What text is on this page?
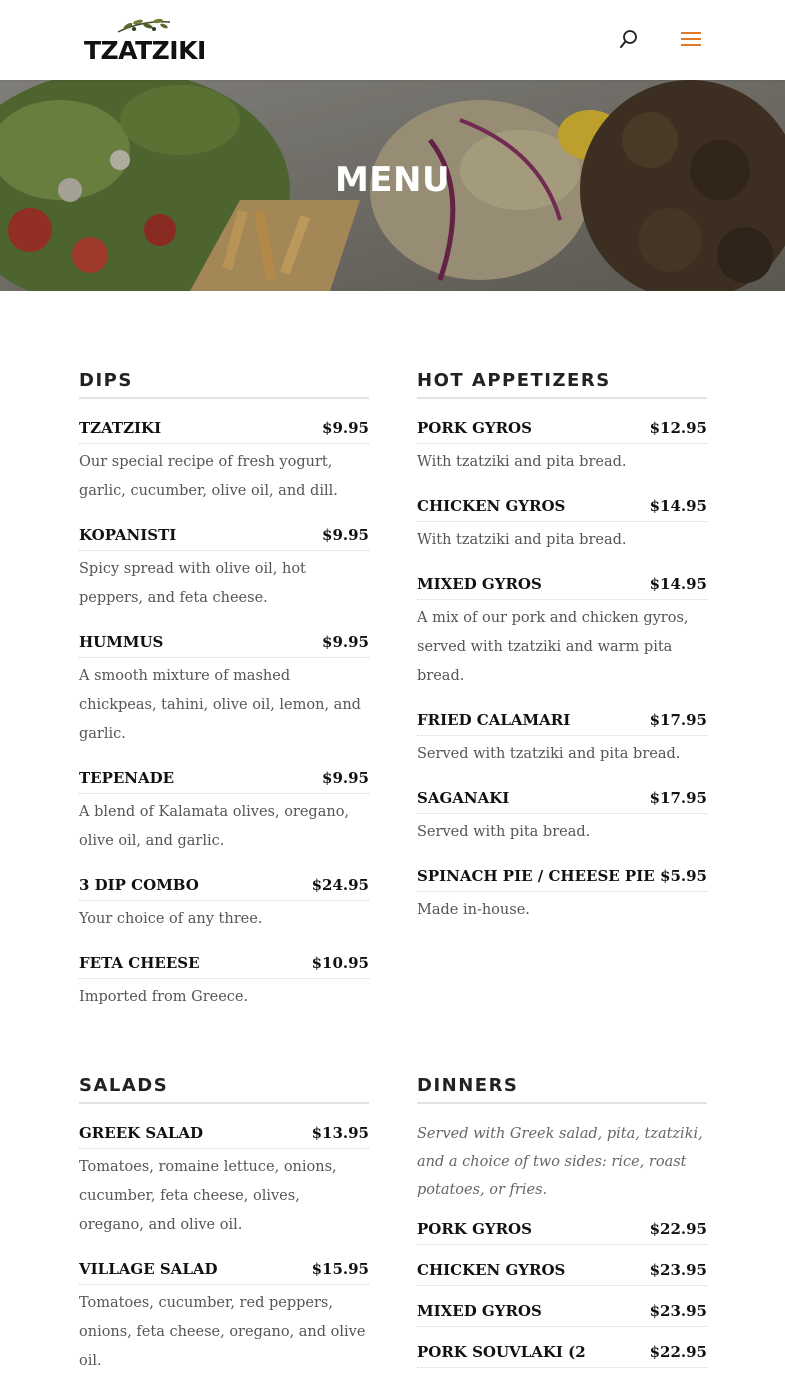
TZATZIKI
MENU
DIPS
TZATZIKI	$9.95
Our special recipe of fresh yogurt, garlic, cucumber, olive oil, and dill.
KOPANISTI	$9.95
Spicy spread with olive oil, hot peppers, and feta cheese.
HUMMUS	$9.95
A smooth mixture of mashed chickpeas, tahini, olive oil, lemon, and garlic.
TEPENADE	$9.95
A blend of Kalamata olives, oregano, olive oil, and garlic.
3 DIP COMBO	$24.95
Your choice of any three.
FETA CHEESE	$10.95
Imported from Greece.
HOT APPETIZERS
PORK GYROS	$12.95
With tzatziki and pita bread.
CHICKEN GYROS	$14.95
With tzatziki and pita bread.
MIXED GYROS	$14.95
A mix of our pork and chicken gyros, served with tzatziki and warm pita bread.
FRIED CALAMARI	$17.95
Served with tzatziki and pita bread.
SAGANAKI	$17.95
Served with pita bread.
SPINACH PIE / CHEESE PIE $5.95
Made in-house.
SALADS
GREEK SALAD	$13.95
Tomatoes, romaine lettuce, onions, cucumber, feta cheese, olives, oregano, and olive oil.
VILLAGE SALAD	$15.95
Tomatoes, cucumber, red peppers, onions, feta cheese, oregano, and olive oil.
DINNERS
Served with Greek salad, pita, tzatziki, and a choice of two sides: rice, roast potatoes, or fries.
PORK GYROS	$22.95
CHICKEN GYROS	$23.95
MIXED GYROS	$23.95
PORK SOUVLAKI (2	$22.95
